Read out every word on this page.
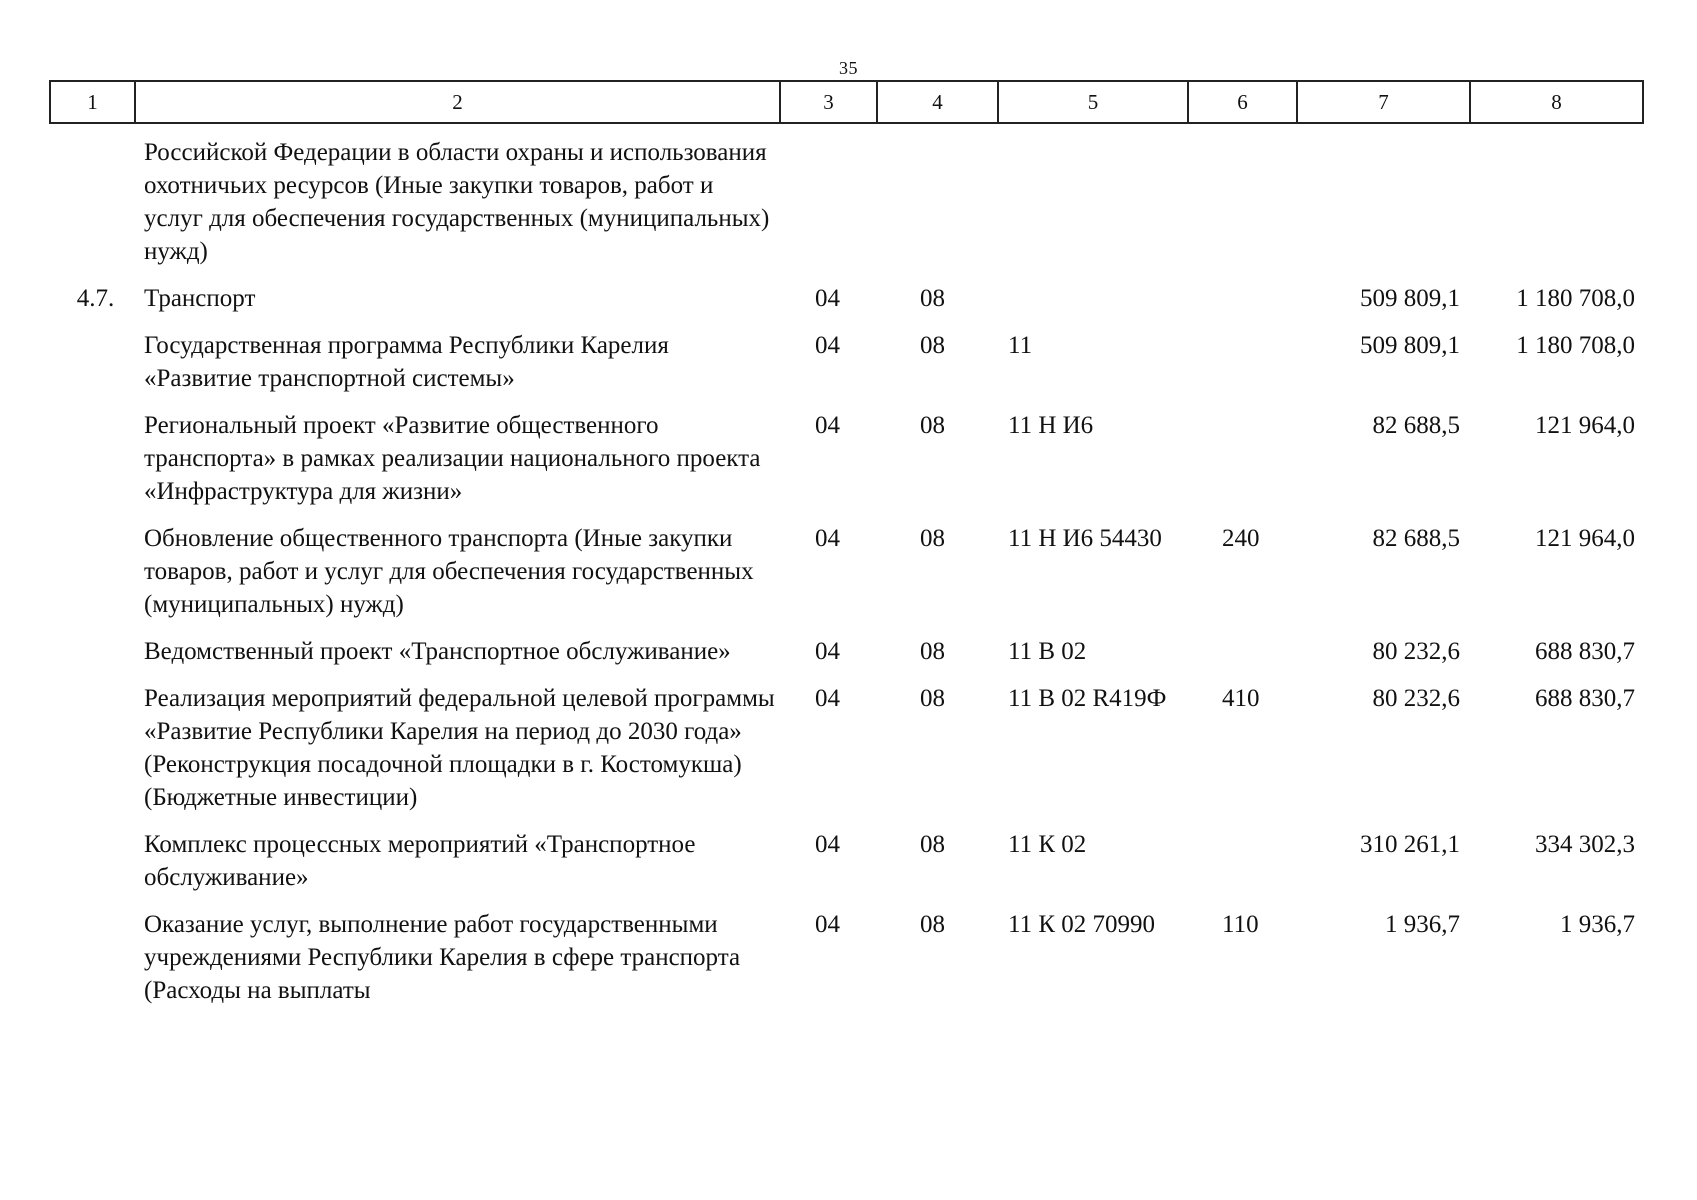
35
1	2	3	4	5	6	7	8
	Российской Федерации в области охраны и использования охотничьих ресурсов (Иные закупки товаров, работ и услуг для обеспечения государственных (муниципальных) нужд)						
4.7.	Транспорт	04	08			509 809,1	1 180 708,0
	Государственная программа Республики Карелия «Развитие транспортной системы»	04	08	11		509 809,1	1 180 708,0
	Региональный проект «Развитие общественного транспорта» в рамках реализации национального проекта «Инфраструктура для жизни»	04	08	11 Н И6		82 688,5	121 964,0
	Обновление общественного транспорта (Иные закупки товаров, работ и услуг для обеспечения государственных (муниципальных) нужд)	04	08	11 Н И6 54430	240	82 688,5	121 964,0
	Ведомственный проект «Транспортное обслуживание»	04	08	11 В 02		80 232,6	688 830,7
	Реализация мероприятий федеральной целевой программы «Развитие Республики Карелия на период до 2030 года» (Реконструкция посадочной площадки в г. Костомукша) (Бюджетные инвестиции)	04	08	11 В 02 R419Ф	410	80 232,6	688 830,7
	Комплекс процессных мероприятий «Транспортное обслуживание»	04	08	11 К 02		310 261,1	334 302,3
	Оказание услуг, выполнение работ государственными учреждениями Республики Карелия в сфере транспорта (Расходы на выплаты	04	08	11 К 02 70990	110	1 936,7	1 936,7
